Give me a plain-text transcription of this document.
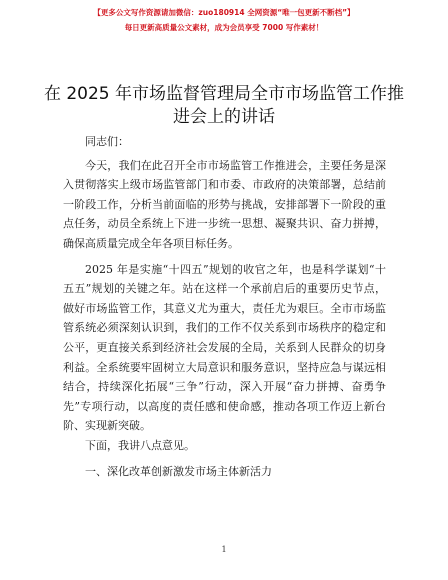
【更多公文写作资源请加微信：zuo180914 全网资源“唯一包更新不断档”】
每日更新高质量公文素材，成为会员享受 7000 写作素材！
在 2025 年市场监督管理局全市市场监管工作推进会上的讲话

同志们：

今天，我们在此召开全市市场监管工作推进会，主要任务是深入贯彻落实上级市场监管部门和市委、市政府的决策部署，总结前一阶段工作，分析当前面临的形势与挑战，安排部署下一阶段的重点任务，动员全系统上下进一步统一思想、凝聚共识、奋力拼搏，确保高质量完成全年各项目标任务。

2025 年是实施“十四五”规划的收官之年，也是科学谋划“十五五”规划的关键之年。站在这样一个承前启后的重要历史节点，做好市场监管工作，其意义尤为重大，责任尤为艰巨。全市市场监管系统必须深刻认识到，我们的工作不仅关系到市场秩序的稳定和公平，更直接关系到经济社会发展的全局，关系到人民群众的切身利益。全系统要牢固树立大局意识和服务意识，坚持应急与谋远相结合，持续深化拓展“三争”行动，深入开展“奋力拼搏、奋勇争先”专项行动，以高度的责任感和使命感，推动各项工作迈上新台阶、实现新突破。

下面，我讲八点意见。

一、深化改革创新激发市场主体新活力

1
